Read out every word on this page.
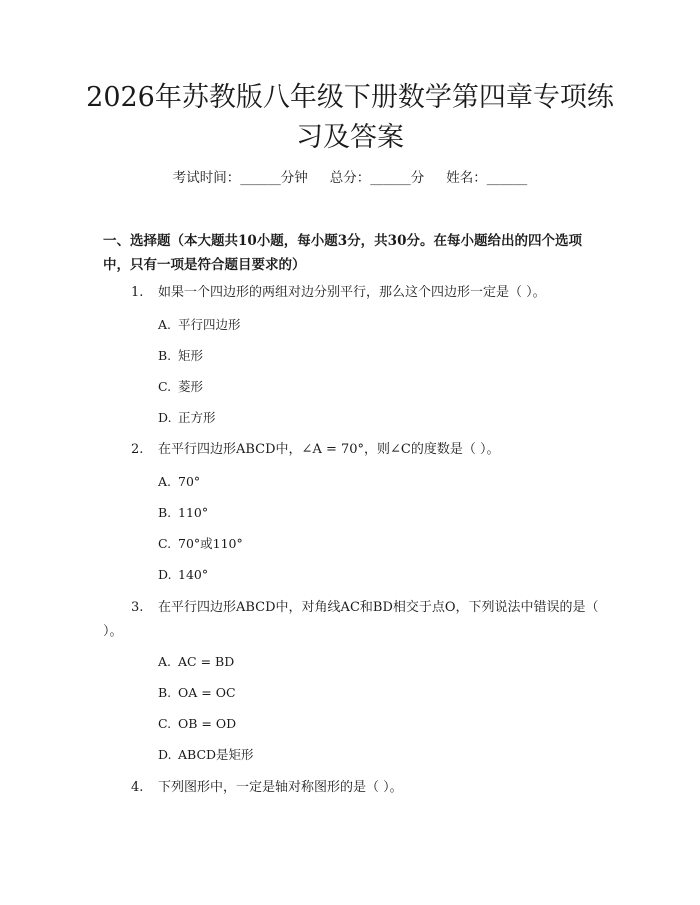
2026年苏教版八年级下册数学第四章专项练习及答案
考试时间：______分钟 总分：______分 姓名：______

一、选择题（本大题共10小题，每小题3分，共30分。在每小题给出的四个选项中，只有一项是符合题目要求的）

1. 如果一个四边形的两组对边分别平行，那么这个四边形一定是（ ）。
A. 平行四边形
B. 矩形
C. 菱形
D. 正方形
2. 在平行四边形ABCD中，∠A = 70°，则∠C的度数是（ ）。
A. 70°
B. 110°
C. 70°或110°
D. 140°
3. 在平行四边形ABCD中，对角线AC和BD相交于点O，下列说法中错误的是（ ）。
A. AC = BD
B. OA = OC
C. OB = OD
D. ABCD是矩形
4. 下列图形中，一定是轴对称图形的是（ ）。
